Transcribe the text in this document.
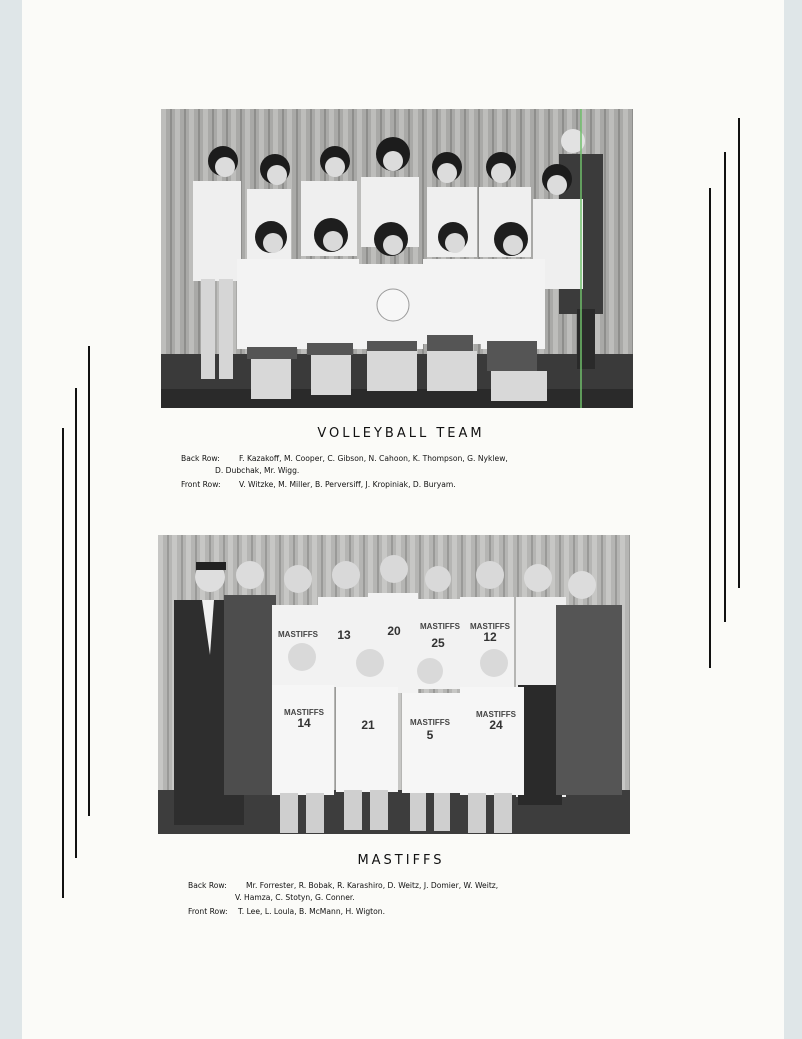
VOLLEYBALL TEAM
Back Row:	F. Kazakoff, M. Cooper, C. Gibson, N. Cahoon, K. Thompson, G. Nyklew,
D. Dubchak, Mr. Wigg.
Front Row: V. Witzke, M. Miller, B. Perversiff, J. Kropiniak, D. Buryam.
13	20
25	12
14	21
5
24
MASTIFFS
MASTIFFS MASTIFFS
MASTIFFS
MASTIFFS
MASTIFFS
MASTIFFS
Back Row:	Mr. Forrester, R. Bobak, R. Karashiro, D. Weitz, J. Domier, W. Weitz,
V. Hamza, C. Stotyn, G. Conner.
Front Row: T. Lee, L. Loula, B. McMann, H. Wigton.
